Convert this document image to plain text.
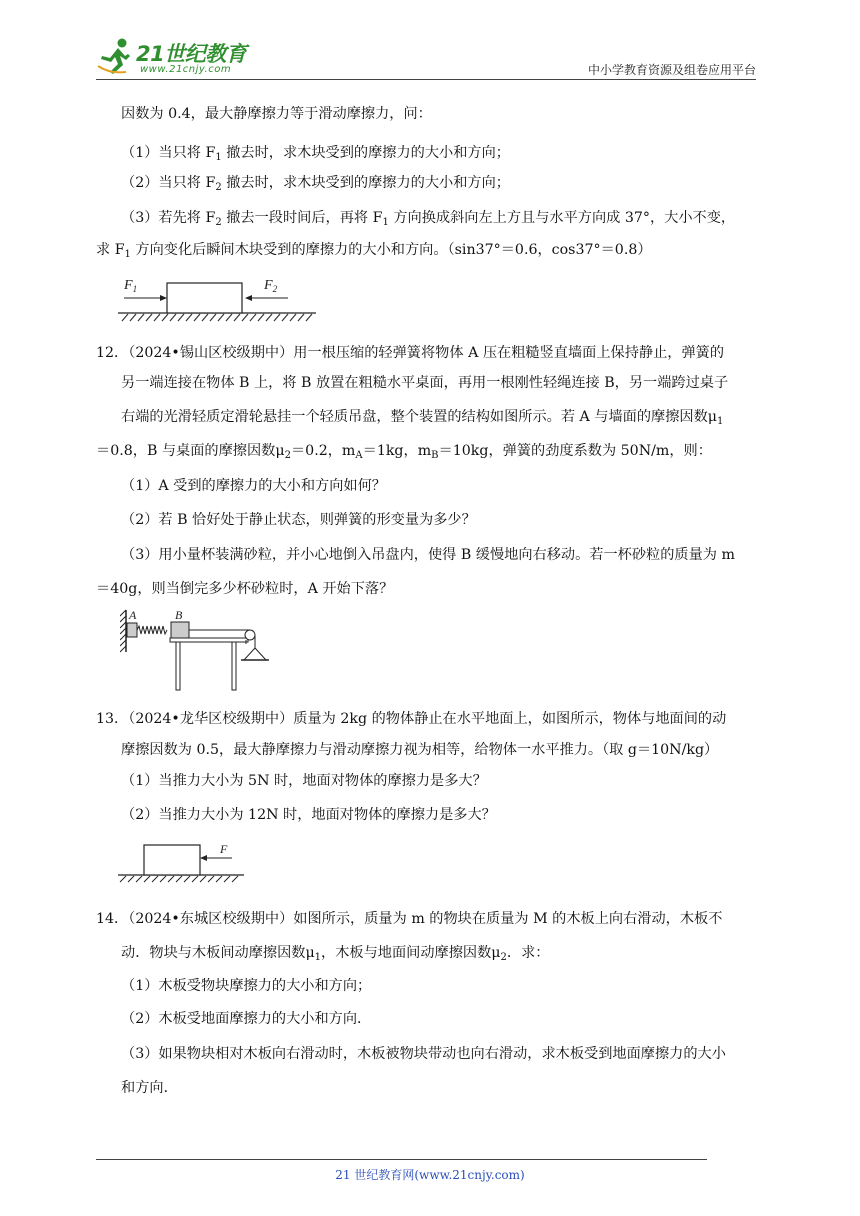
21世纪教育
www.21cnjy.com	中小学教育资源及组卷应用平台
因数为 0.4，最大静摩擦力等于滑动摩擦力，问：
（1）当只将 $F_1$ 撤去时，求木块受到的摩擦力的大小和方向；
（2）当只将 $F_2$ 撤去时，求木块受到的摩擦力的大小和方向；
（3）若先将 $F_2$ 撤去一段时间后，再将 $F_1$ 方向换成斜向左上方且与水平方向成 37°，大小不变，
求 $F_1$ 方向变化后瞬间木块受到的摩擦力的大小和方向。（sin37°＝0.6，cos37°＝0.8）
$F_1$	$F_2$
12．（2024•锡山区校级期中）用一根压缩的轻弹簧将物体 A 压在粗糙竖直墙面上保持静止，弹簧的
另一端连接在物体 B 上，将 B 放置在粗糙水平桌面，再用一根刚性轻绳连接 B，另一端跨过桌子
右端的光滑轻质定滑轮悬挂一个轻质吊盘，整个装置的结构如图所示。若 A 与墙面的摩擦因数$\mu_1$
＝0.8，B 与桌面的摩擦因数$\mu_2=0.2$，$m_A=1kg$，$m_B=10kg$，弹簧的劲度系数为 50N/m，则：
（1）A 受到的摩擦力的大小和方向如何？
（2）若 B 恰好处于静止状态，则弹簧的形变量为多少？
（3）用小量杯装满砂粒，并小心地倒入吊盘内，使得 B 缓慢地向右移动。若一杯砂粒的质量为 m
＝40g，则当倒完多少杯砂粒时，A 开始下落？
A	B
13．（2024•龙华区校级期中）质量为 2kg 的物体静止在水平地面上，如图所示，物体与地面间的动
摩擦因数为 0.5，最大静摩擦力与滑动摩擦力视为相等，给物体一水平推力。（取 g＝10N/kg）
（1）当推力大小为 5N 时，地面对物体的摩擦力是多大？
（2）当推力大小为 12N 时，地面对物体的摩擦力是多大？
F
14．（2024•东城区校级期中）如图所示，质量为 m 的物块在质量为 M 的木板上向右滑动，木板不
动．物块与木板间动摩擦因数$\mu_1$，木板与地面间动摩擦因数$\mu_2$．求：
（1）木板受物块摩擦力的大小和方向；
（2）木板受地面摩擦力的大小和方向．
（3）如果物块相对木板向右滑动时，木板被物块带动也向右滑动，求木板受到地面摩擦力的大小
和方向．
21 世纪教育网(www.21cnjy.com)
